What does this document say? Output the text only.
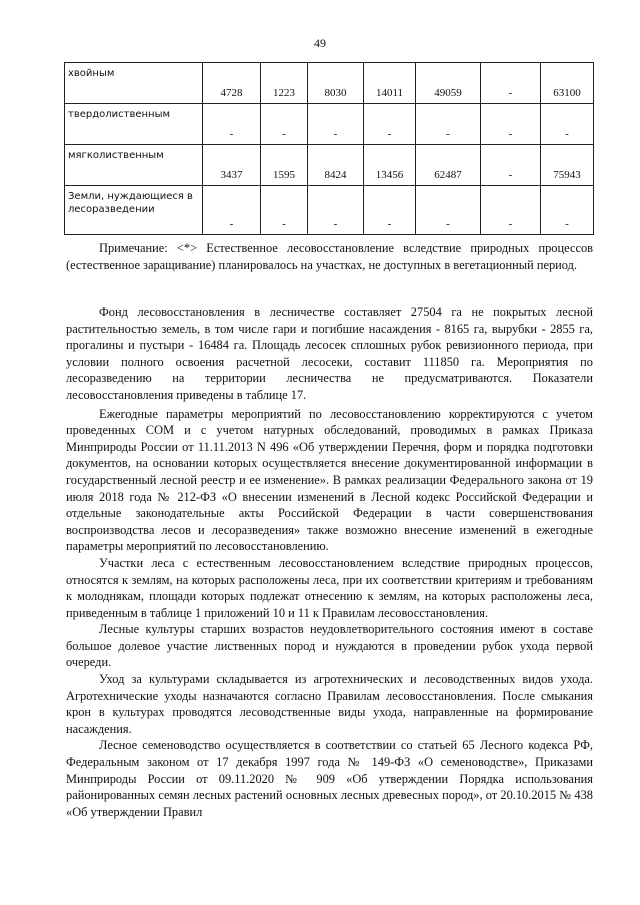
49
хвойным	4728	1223	8030	14011	49059	-	63100
твердолиственным	-	-	-	-	-	-	-
мягколиственным	3437	1595	8424	13456	62487	-	75943
Земли, нуждающиеся в лесоразведении	-	-	-	-	-	-	-

Примечание: <*> Естественное лесовосстановление вследствие природных процессов (естественное заращивание) планировалось на участках, не доступных в вегетационный период.

Фонд лесовосстановления в лесничестве составляет 27504 га не покрытых лесной растительностью земель, в том числе гари и погибшие насаждения - 8165 га, вырубки - 2855 га, прогалины и пустыри - 16484 га. Площадь лесосек сплошных рубок ревизионного периода, при условии полного освоения расчетной лесосеки, составит 111850 га. Мероприятия по лесоразведению на территории лесничества не предусматриваются. Показатели лесовосстановления приведены в таблице 17.

Ежегодные параметры мероприятий по лесовосстановлению корректируются с учетом проведенных СОМ и с учетом натурных обследований, проводимых в рамках Приказа Минприроды России от 11.11.2013 N 496 «Об утверждении Перечня, форм и порядка подготовки документов, на основании которых осуществляется внесение документированной информации в государственный лесной реестр и ее изменение». В рамках реализации Федерального закона от 19 июля 2018 года № 212-ФЗ «О внесении изменений в Лесной кодекс Российской Федерации и отдельные законодательные акты Российской Федерации в части совершенствования воспроизводства лесов и лесоразведения» также возможно внесение изменений в ежегодные параметры мероприятий по лесовосстановлению.

Участки леса с естественным лесовосстановлением вследствие природных процессов, относятся к землям, на которых расположены леса, при их соответствии критериям и требованиям к молоднякам, площади которых подлежат отнесению к землям, на которых расположены леса, приведенным в таблице 1 приложений 10 и 11 к Правилам лесовосстановления.

Лесные культуры старших возрастов неудовлетворительного состояния имеют в составе большое долевое участие лиственных пород и нуждаются в проведении рубок ухода первой очереди.

Уход за культурами складывается из агротехнических и лесоводственных видов ухода. Агротехнические уходы назначаются согласно Правилам лесовосстановления. После смыкания крон в культурах проводятся лесоводственные виды ухода, направленные на формирование насаждения.

Лесное семеноводство осуществляется в соответствии со статьей 65 Лесного кодекса РФ, Федеральным законом от 17 декабря 1997 года № 149-ФЗ «О семеноводстве», Приказами Минприроды России от 09.11.2020 № 909 «Об утверждении Порядка использования районированных семян лесных растений основных лесных древесных пород», от 20.10.2015 № 438 «Об утверждении Правил
